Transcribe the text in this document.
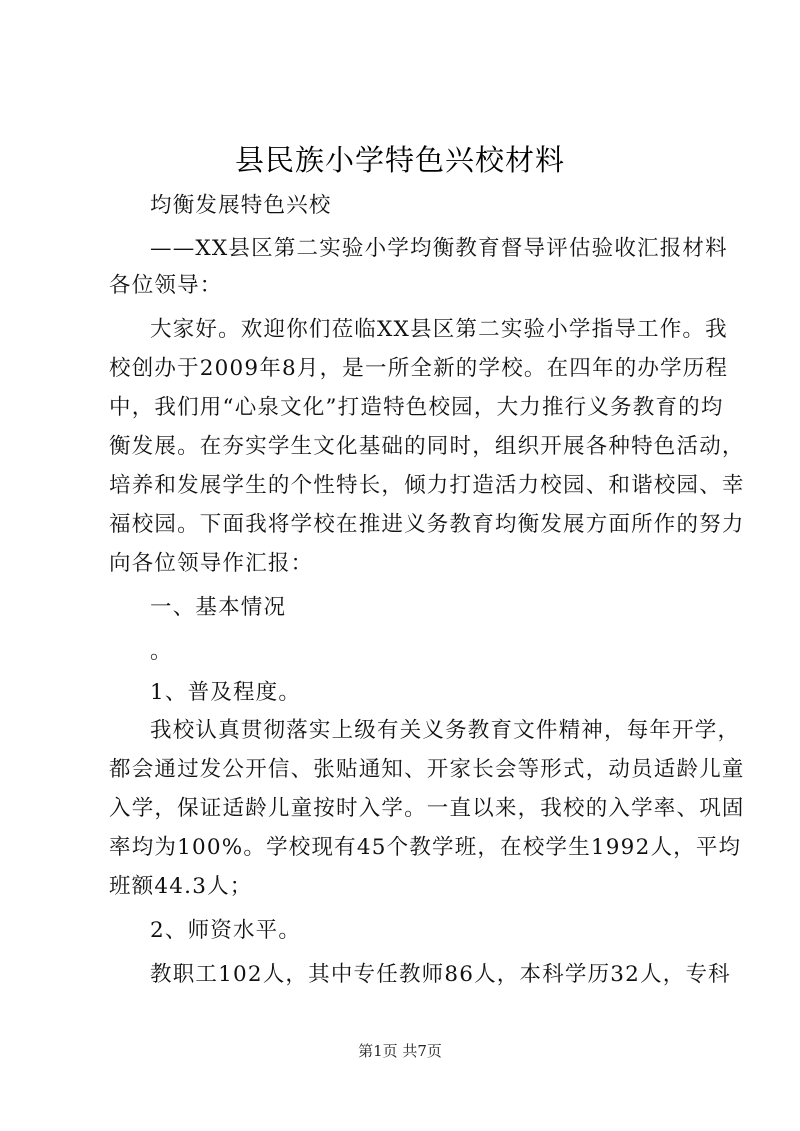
县民族小学特色兴校材料
均衡发展特色兴校
——XX县区第二实验小学均衡教育督导评估验收汇报材料
各位领导：
大家好。欢迎你们莅临XX县区第二实验小学指导工作。我
校创办于2009年8月，是一所全新的学校。在四年的办学历程
中，我们用“心泉文化”打造特色校园，大力推行义务教育的均
衡发展。在夯实学生文化基础的同时，组织开展各种特色活动，
培养和发展学生的个性特长，倾力打造活力校园、和谐校园、幸
福校园。下面我将学校在推进义务教育均衡发展方面所作的努力
向各位领导作汇报：
一、基本情况
。
1、普及程度。
我校认真贯彻落实上级有关义务教育文件精神，每年开学，
都会通过发公开信、张贴通知、开家长会等形式，动员适龄儿童
入学，保证适龄儿童按时入学。一直以来，我校的入学率、巩固
率均为100%。学校现有45个教学班，在校学生1992人，平均
班额44.3人；
2、师资水平。
教职工102人，其中专任教师86人，本科学历32人，专科
第1页 共7页
